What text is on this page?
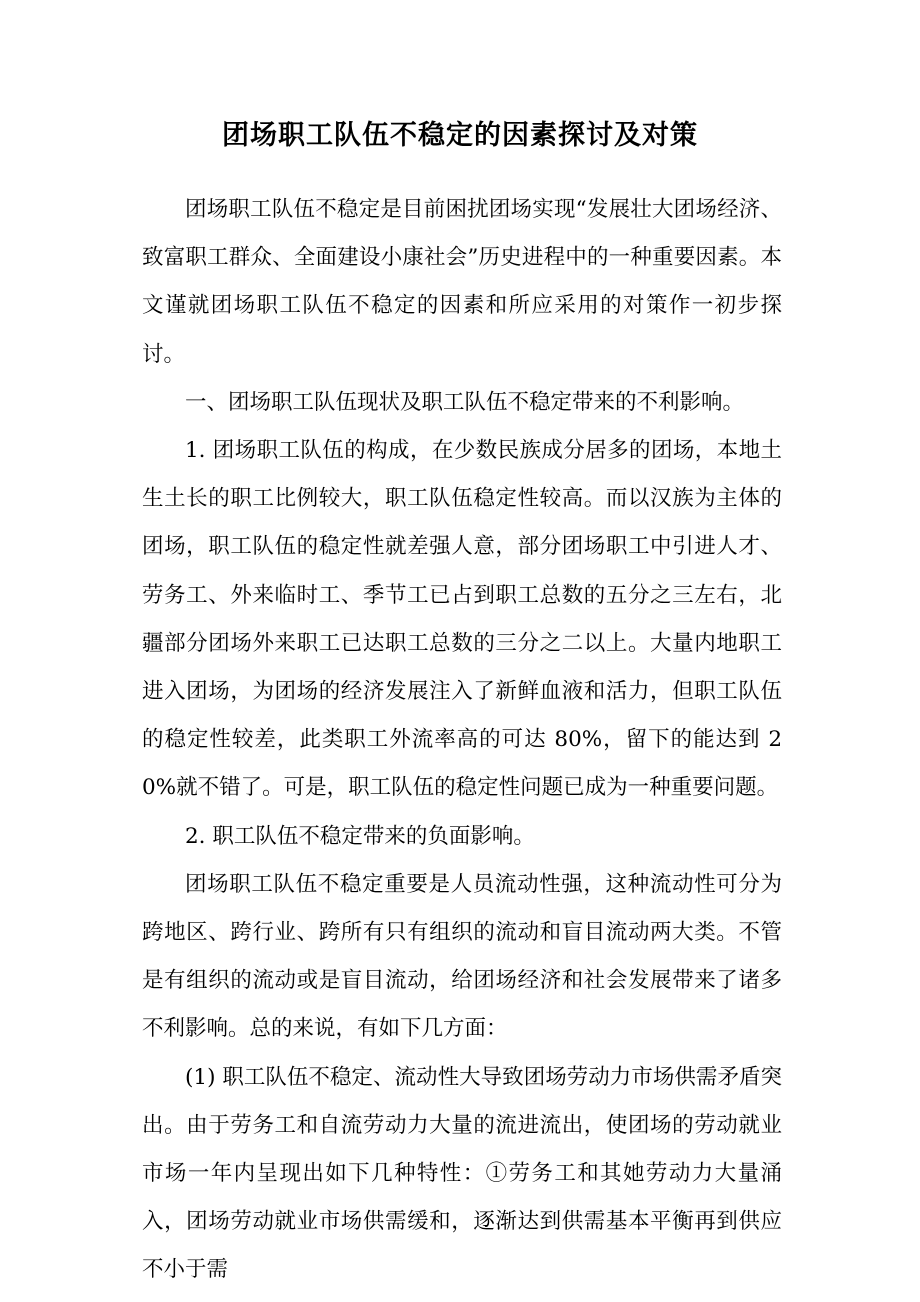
团场职工队伍不稳定的因素探讨及对策

团场职工队伍不稳定是目前困扰团场实现“发展壮大团场经济、致富职工群众、全面建设小康社会”历史进程中的一种重要因素。本文谨就团场职工队伍不稳定的因素和所应采用的对策作一初步探讨。

一、团场职工队伍现状及职工队伍不稳定带来的不利影响。

1. 团场职工队伍的构成，在少数民族成分居多的团场，本地土生土长的职工比例较大，职工队伍稳定性较高。而以汉族为主体的团场，职工队伍的稳定性就差强人意，部分团场职工中引进人才、劳务工、外来临时工、季节工已占到职工总数的五分之三左右，北疆部分团场外来职工已达职工总数的三分之二以上。大量内地职工进入团场，为团场的经济发展注入了新鲜血液和活力，但职工队伍的稳定性较差，此类职工外流率高的可达 80%，留下的能达到 20%就不错了。可是，职工队伍的稳定性问题已成为一种重要问题。

2. 职工队伍不稳定带来的负面影响。

团场职工队伍不稳定重要是人员流动性强，这种流动性可分为跨地区、跨行业、跨所有只有组织的流动和盲目流动两大类。不管是有组织的流动或是盲目流动，给团场经济和社会发展带来了诸多不利影响。总的来说，有如下几方面：

(1) 职工队伍不稳定、流动性大导致团场劳动力市场供需矛盾突出。由于劳务工和自流劳动力大量的流进流出，使团场的劳动就业市场一年内呈现出如下几种特性：①劳务工和其她劳动力大量涌入，团场劳动就业市场供需缓和，逐渐达到供需基本平衡再到供应不小于需
